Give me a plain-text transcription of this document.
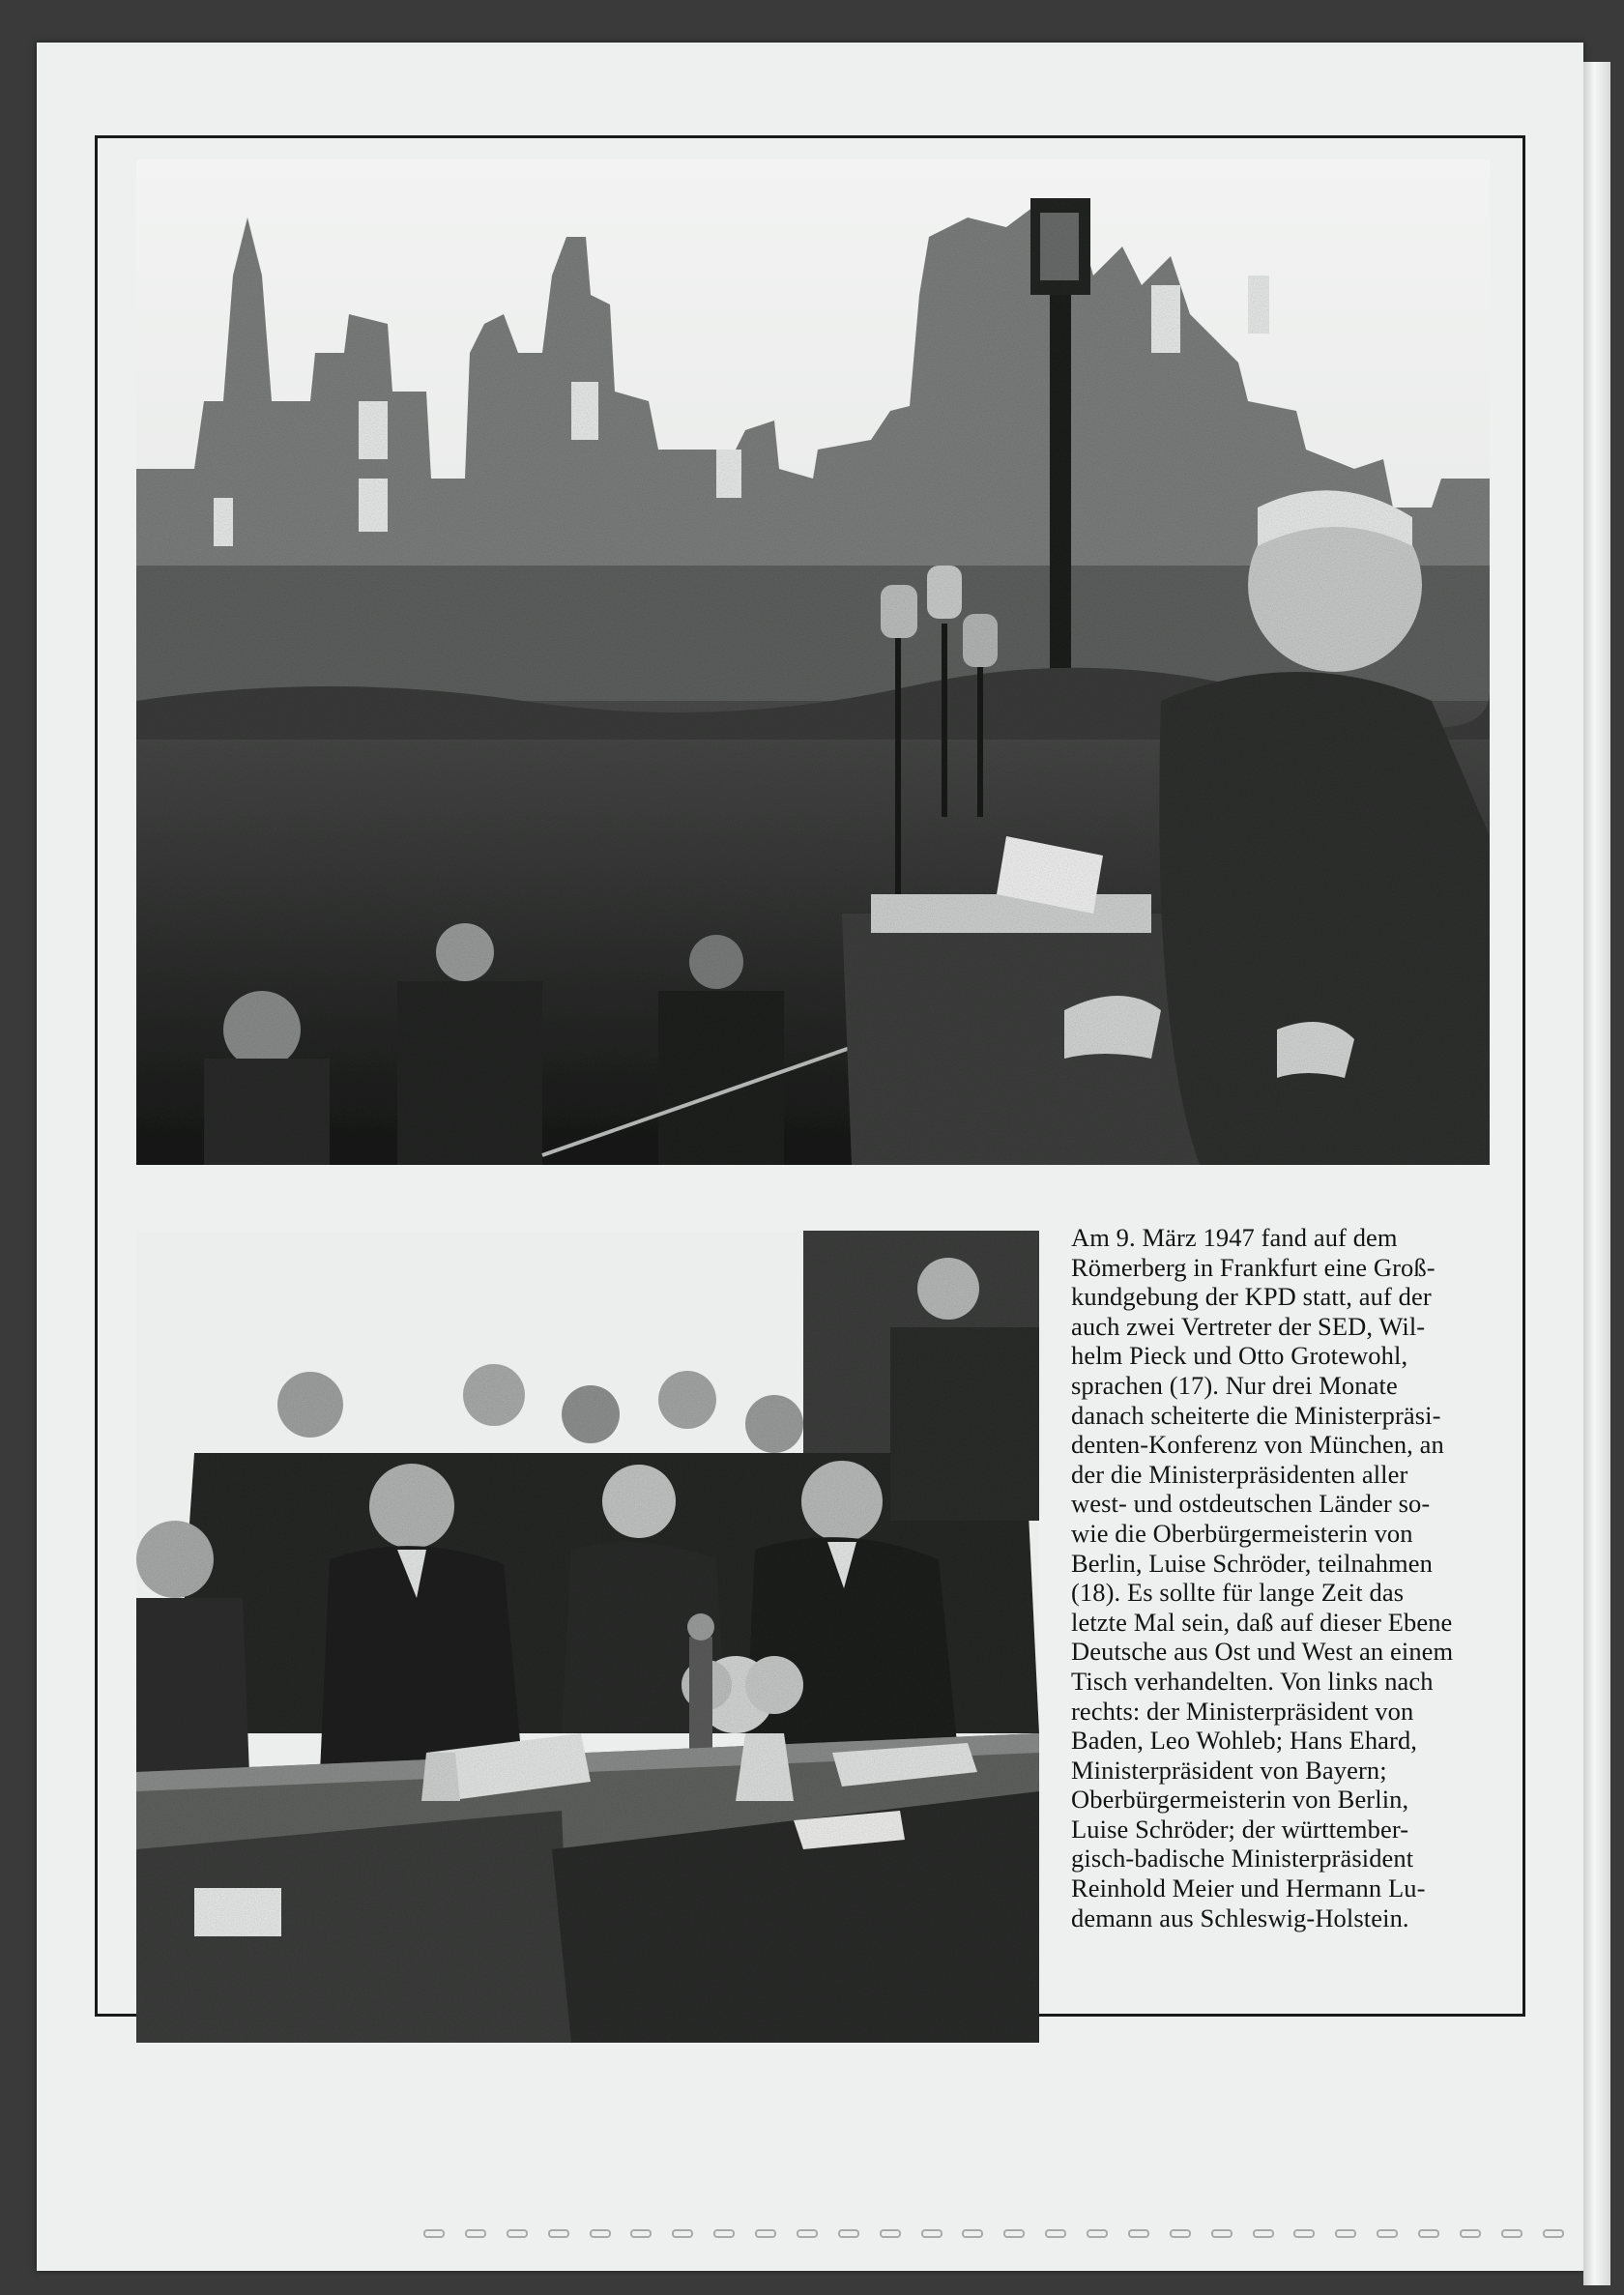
Am 9. März 1947 fand auf dem
Römerberg in Frankfurt eine Groß-
kundgebung der KPD statt, auf der
auch zwei Vertreter der SED, Wil-
helm Pieck und Otto Grotewohl,
sprachen (17). Nur drei Monate
danach scheiterte die Ministerpräsi-
denten-Konferenz von München, an
der die Ministerpräsidenten aller
west- und ostdeutschen Länder so-
wie die Oberbürgermeisterin von
Berlin, Luise Schröder, teilnahmen
(18). Es sollte für lange Zeit das
letzte Mal sein, daß auf dieser Ebene
Deutsche aus Ost und West an einem
Tisch verhandelten. Von links nach
rechts: der Ministerpräsident von
Baden, Leo Wohleb; Hans Ehard,
Ministerpräsident von Bayern;
Oberbürgermeisterin von Berlin,
Luise Schröder; der württember-
gisch-badische Ministerpräsident
Reinhold Meier und Hermann Lu-
demann aus Schleswig-Holstein.
